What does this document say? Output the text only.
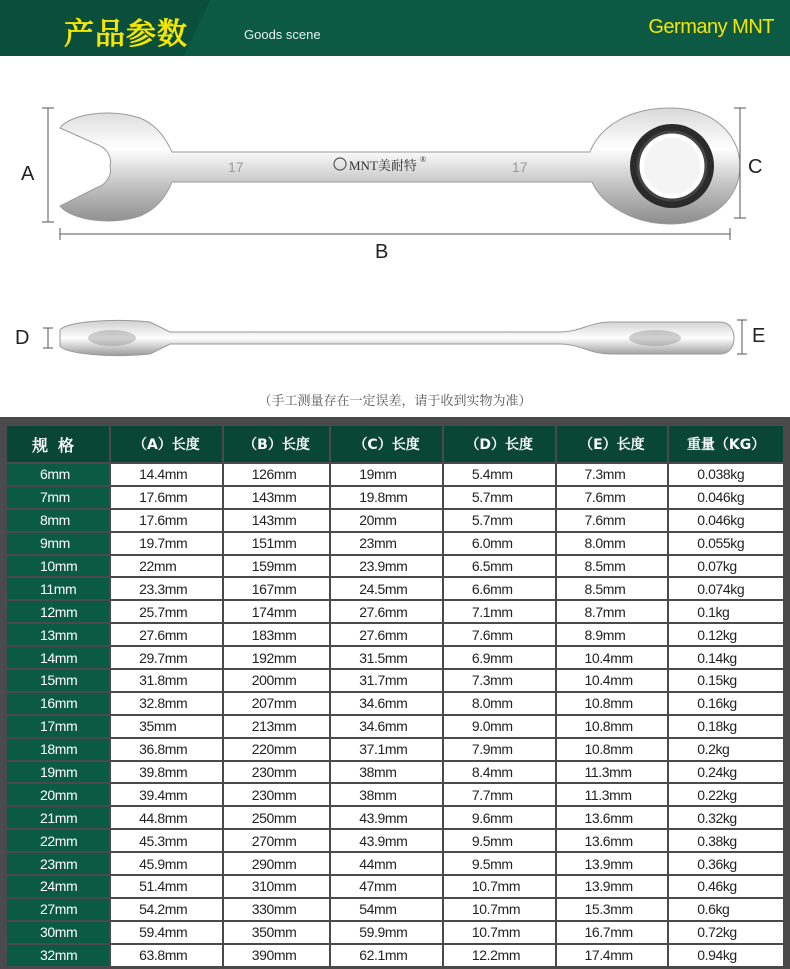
产品参数	Goods scene	Germany MNT
17	17
MNT美耐特 ®
A	C
B
D	E
（手工测量存在一定误差，请于收到实物为准）
规格	（A）长度	（B）长度	（C）长度	（D）长度	（E）长度	重量（KG）
6mm	14.4mm	126mm	19mm	5.4mm	7.3mm	0.038kg
7mm	17.6mm	143mm	19.8mm	5.7mm	7.6mm	0.046kg
8mm	17.6mm	143mm	20mm	5.7mm	7.6mm	0.046kg
9mm	19.7mm	151mm	23mm	6.0mm	8.0mm	0.055kg
10mm	22mm	159mm	23.9mm	6.5mm	8.5mm	0.07kg
11mm	23.3mm	167mm	24.5mm	6.6mm	8.5mm	0.074kg
12mm	25.7mm	174mm	27.6mm	7.1mm	8.7mm	0.1kg
13mm	27.6mm	183mm	27.6mm	7.6mm	8.9mm	0.12kg
14mm	29.7mm	192mm	31.5mm	6.9mm	10.4mm	0.14kg
15mm	31.8mm	200mm	31.7mm	7.3mm	10.4mm	0.15kg
16mm	32.8mm	207mm	34.6mm	8.0mm	10.8mm	0.16kg
17mm	35mm	213mm	34.6mm	9.0mm	10.8mm	0.18kg
18mm	36.8mm	220mm	37.1mm	7.9mm	10.8mm	0.2kg
19mm	39.8mm	230mm	38mm	8.4mm	11.3mm	0.24kg
20mm	39.4mm	230mm	38mm	7.7mm	11.3mm	0.22kg
21mm	44.8mm	250mm	43.9mm	9.6mm	13.6mm	0.32kg
22mm	45.3mm	270mm	43.9mm	9.5mm	13.6mm	0.38kg
23mm	45.9mm	290mm	44mm	9.5mm	13.9mm	0.36kg
24mm	51.4mm	310mm	47mm	10.7mm	13.9mm	0.46kg
27mm	54.2mm	330mm	54mm	10.7mm	15.3mm	0.6kg
30mm	59.4mm	350mm	59.9mm	10.7mm	16.7mm	0.72kg
32mm	63.8mm	390mm	62.1mm	12.2mm	17.4mm	0.94kg
